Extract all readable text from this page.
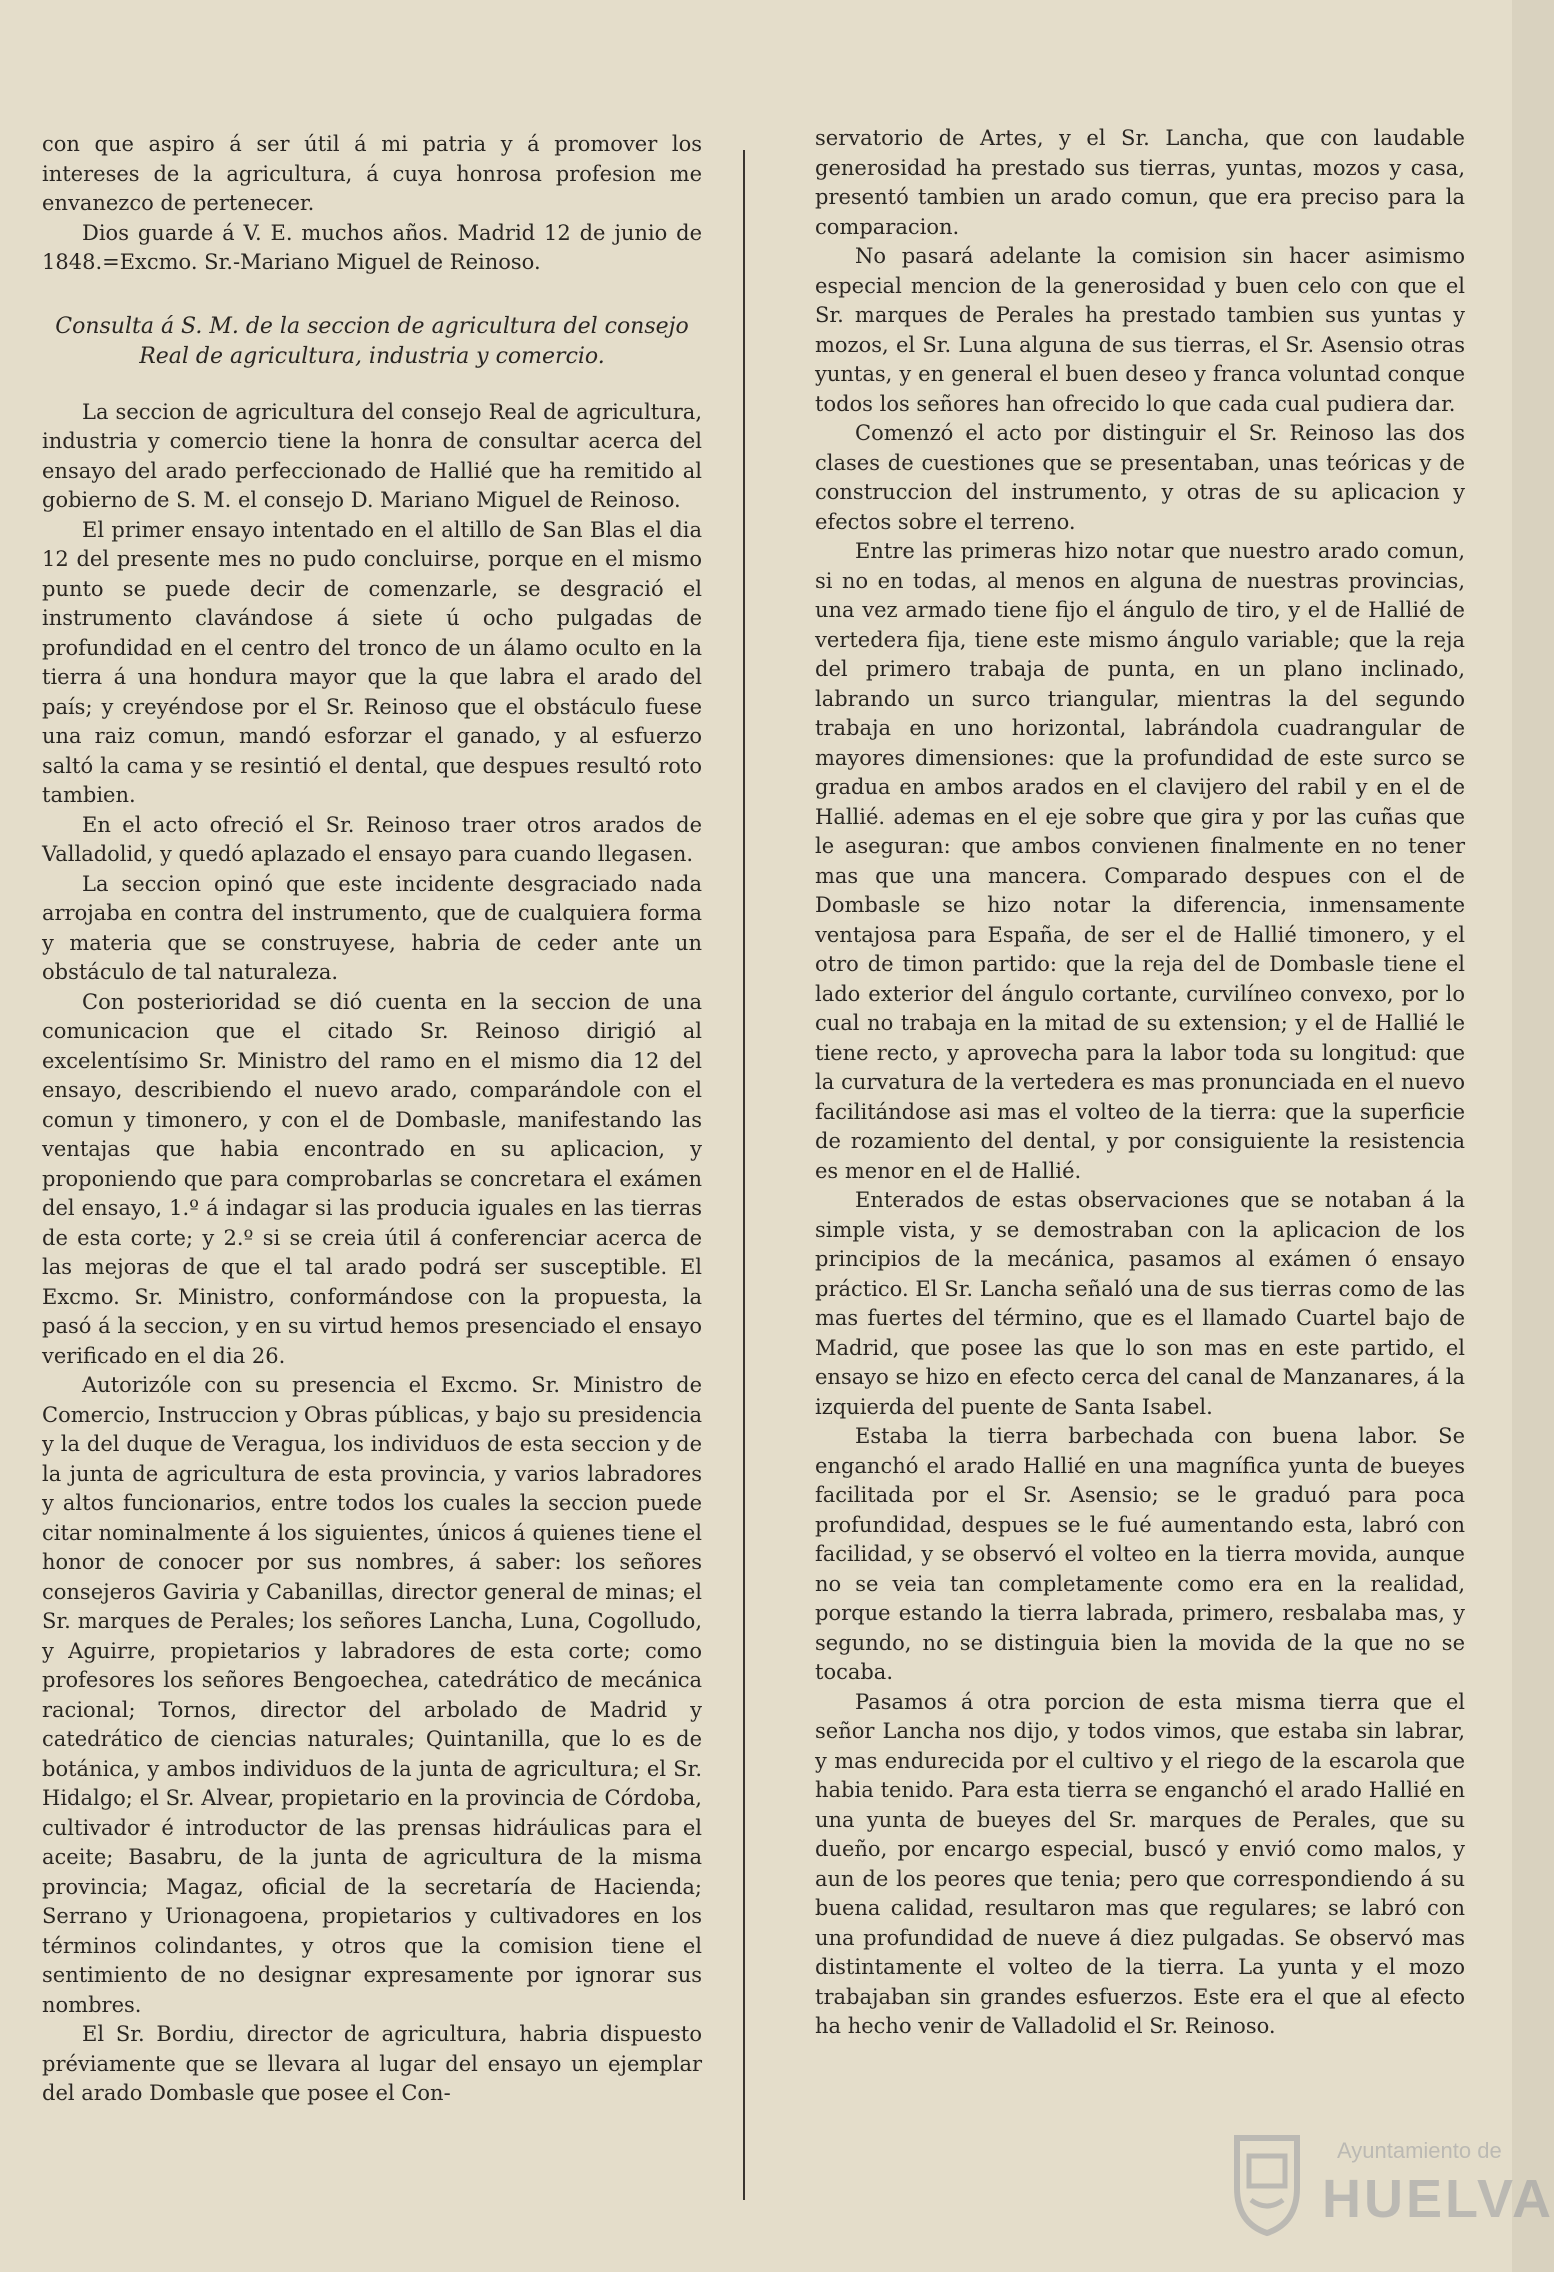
con que aspiro á ser útil á mi patria y á promover los intereses de la agricultura, á cuya honrosa profesion me envanezco de pertenecer.

Dios guarde á V. E. muchos años. Madrid 12 de junio de 1848.=Excmo. Sr.-Mariano Miguel de Reinoso.

Consulta á S. M. de la seccion de agricultura del consejo Real de agricultura, industria y comercio.

La seccion de agricultura del consejo Real de agricultura, industria y comercio tiene la honra de consultar acerca del ensayo del arado perfeccionado de Hallié que ha remitido al gobierno de S. M. el consejo D. Mariano Miguel de Reinoso.

El primer ensayo intentado en el altillo de San Blas el dia 12 del presente mes no pudo concluirse, porque en el mismo punto se puede decir de comenzarle, se desgració el instrumento clavándose á siete ú ocho pulgadas de profundidad en el centro del tronco de un álamo oculto en la tierra á una hondura mayor que la que labra el arado del país; y creyéndose por el Sr. Reinoso que el obstáculo fuese una raiz comun, mandó esforzar el ganado, y al esfuerzo saltó la cama y se resintió el dental, que despues resultó roto tambien.

En el acto ofreció el Sr. Reinoso traer otros arados de Valladolid, y quedó aplazado el ensayo para cuando llegasen.

La seccion opinó que este incidente desgraciado nada arrojaba en contra del instrumento, que de cualquiera forma y materia que se construyese, habria de ceder ante un obstáculo de tal naturaleza.

Con posterioridad se dió cuenta en la seccion de una comunicacion que el citado Sr. Reinoso dirigió al excelentísimo Sr. Ministro del ramo en el mismo dia 12 del ensayo, describiendo el nuevo arado, comparándole con el comun y timonero, y con el de Dombasle, manifestando las ventajas que habia encontrado en su aplicacion, y proponiendo que para comprobarlas se concretara el exámen del ensayo, 1.º á indagar si las producia iguales en las tierras de esta corte; y 2.º si se creia útil á conferenciar acerca de las mejoras de que el tal arado podrá ser susceptible. El Excmo. Sr. Ministro, conformándose con la propuesta, la pasó á la seccion, y en su virtud hemos presenciado el ensayo verificado en el dia 26.

Autorizóle con su presencia el Excmo. Sr. Ministro de Comercio, Instruccion y Obras públicas, y bajo su presidencia y la del duque de Veragua, los individuos de esta seccion y de la junta de agricultura de esta provincia, y varios labradores y altos funcionarios, entre todos los cuales la seccion puede citar nominalmente á los siguientes, únicos á quienes tiene el honor de conocer por sus nombres, á saber: los señores consejeros Gaviria y Cabanillas, director general de minas; el Sr. marques de Perales; los señores Lancha, Luna, Cogolludo, y Aguirre, propietarios y labradores de esta corte; como profesores los señores Bengoechea, catedrático de mecánica racional; Tornos, director del arbolado de Madrid y catedrático de ciencias naturales; Quintanilla, que lo es de botánica, y ambos individuos de la junta de agricultura; el Sr. Hidalgo; el Sr. Alvear, propietario en la provincia de Córdoba, cultivador é introductor de las prensas hidráulicas para el aceite; Basabru, de la junta de agricultura de la misma provincia; Magaz, oficial de la secretaría de Hacienda; Serrano y Urionagoena, propietarios y cultivadores en los términos colindantes, y otros que la comision tiene el sentimiento de no designar expresamente por ignorar sus nombres.

El Sr. Bordiu, director de agricultura, habria dispuesto préviamente que se llevara al lugar del ensayo un ejemplar del arado Dombasle que posee el Con-

servatorio de Artes, y el Sr. Lancha, que con laudable generosidad ha prestado sus tierras, yuntas, mozos y casa, presentó tambien un arado comun, que era preciso para la comparacion.

No pasará adelante la comision sin hacer asimismo especial mencion de la generosidad y buen celo con que el Sr. marques de Perales ha prestado tambien sus yuntas y mozos, el Sr. Luna alguna de sus tierras, el Sr. Asensio otras yuntas, y en general el buen deseo y franca voluntad conque todos los señores han ofrecido lo que cada cual pudiera dar.

Comenzó el acto por distinguir el Sr. Reinoso las dos clases de cuestiones que se presentaban, unas teóricas y de construccion del instrumento, y otras de su aplicacion y efectos sobre el terreno.

Entre las primeras hizo notar que nuestro arado comun, si no en todas, al menos en alguna de nuestras provincias, una vez armado tiene fijo el ángulo de tiro, y el de Hallié de vertedera fija, tiene este mismo ángulo variable; que la reja del primero trabaja de punta, en un plano inclinado, labrando un surco triangular, mientras la del segundo trabaja en uno horizontal, labrándola cuadrangular de mayores dimensiones: que la profundidad de este surco se gradua en ambos arados en el clavijero del rabil y en el de Hallié. ademas en el eje sobre que gira y por las cuñas que le aseguran: que ambos convienen finalmente en no tener mas que una mancera. Comparado despues con el de Dombasle se hizo notar la diferencia, inmensamente ventajosa para España, de ser el de Hallié timonero, y el otro de timon partido: que la reja del de Dombasle tiene el lado exterior del ángulo cortante, curvilíneo convexo, por lo cual no trabaja en la mitad de su extension; y el de Hallié le tiene recto, y aprovecha para la labor toda su longitud: que la curvatura de la vertedera es mas pronunciada en el nuevo facilitándose asi mas el volteo de la tierra: que la superficie de rozamiento del dental, y por consiguiente la resistencia es menor en el de Hallié.

Enterados de estas observaciones que se notaban á la simple vista, y se demostraban con la aplicacion de los principios de la mecánica, pasamos al exámen ó ensayo práctico. El Sr. Lancha señaló una de sus tierras como de las mas fuertes del término, que es el llamado Cuartel bajo de Madrid, que posee las que lo son mas en este partido, el ensayo se hizo en efecto cerca del canal de Manzanares, á la izquierda del puente de Santa Isabel.

Estaba la tierra barbechada con buena labor. Se enganchó el arado Hallié en una magnífica yunta de bueyes facilitada por el Sr. Asensio; se le graduó para poca profundidad, despues se le fué aumentando esta, labró con facilidad, y se observó el volteo en la tierra movida, aunque no se veia tan completamente como era en la realidad, porque estando la tierra labrada, primero, resbalaba mas, y segundo, no se distinguia bien la movida de la que no se tocaba.

Pasamos á otra porcion de esta misma tierra que el señor Lancha nos dijo, y todos vimos, que estaba sin labrar, y mas endurecida por el cultivo y el riego de la escarola que habia tenido. Para esta tierra se enganchó el arado Hallié en una yunta de bueyes del Sr. marques de Perales, que su dueño, por encargo especial, buscó y envió como malos, y aun de los peores que tenia; pero que correspondiendo á su buena calidad, resultaron mas que regulares; se labró con una profundidad de nueve á diez pulgadas. Se observó mas distintamente el volteo de la tierra. La yunta y el mozo trabajaban sin grandes esfuerzos. Este era el que al efecto ha hecho venir de Valladolid el Sr. Reinoso.

Ayuntamiento de
HUELVA
